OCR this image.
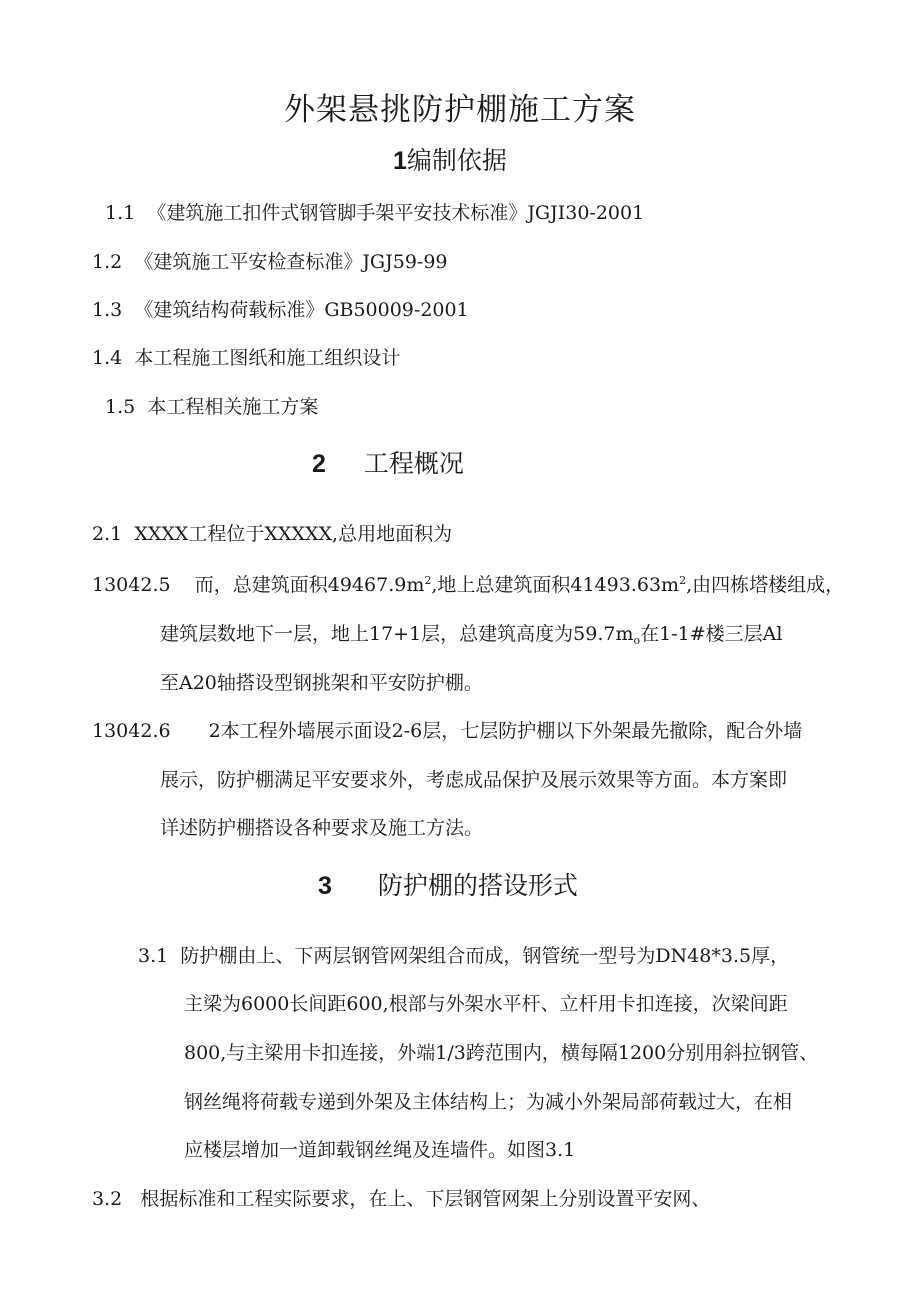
外架悬挑防护棚施工方案
1编制依据
1.1 《建筑施工扣件式钢管脚手架平安技术标准》JGJI30-2001
1.2 《建筑施工平安检查标准》JGJ59-99
1.3 《建筑结构荷载标准》GB50009-2001
1.4 本工程施工图纸和施工组织设计
1.5 本工程相关施工方案
2 工程概况
2.1 XXXX工程位于XXXXX,总用地面积为
13042.5 而，总建筑面积$49467.9m^2$,地上总建筑面积$41493.63m^2$,由四栋塔楼组成，
建筑层数地下一层，地上17+1层，总建筑高度为$59.7m_o$在1-1#楼三层Al
至A20轴搭设型钢挑架和平安防护棚。
13042.6 2本工程外墙展示面设2-6层，七层防护棚以下外架最先撤除，配合外墙
展示，防护棚满足平安要求外，考虑成品保护及展示效果等方面。本方案即
详述防护棚搭设各种要求及施工方法。
3 防护棚的搭设形式
3.1 防护棚由上、下两层钢管网架组合而成，钢管统一型号为DN48*3.5厚，
主梁为6000长间距600,根部与外架水平杆、立杆用卡扣连接，次梁间距
800,与主梁用卡扣连接，外端1/3跨范围内，横每隔1200分别用斜拉钢管、
钢丝绳将荷载专递到外架及主体结构上；为减小外架局部荷载过大，在相
应楼层增加一道卸载钢丝绳及连墙件。如图3.1
3.2 根据标准和工程实际要求，在上、下层钢管网架上分别设置平安网、
